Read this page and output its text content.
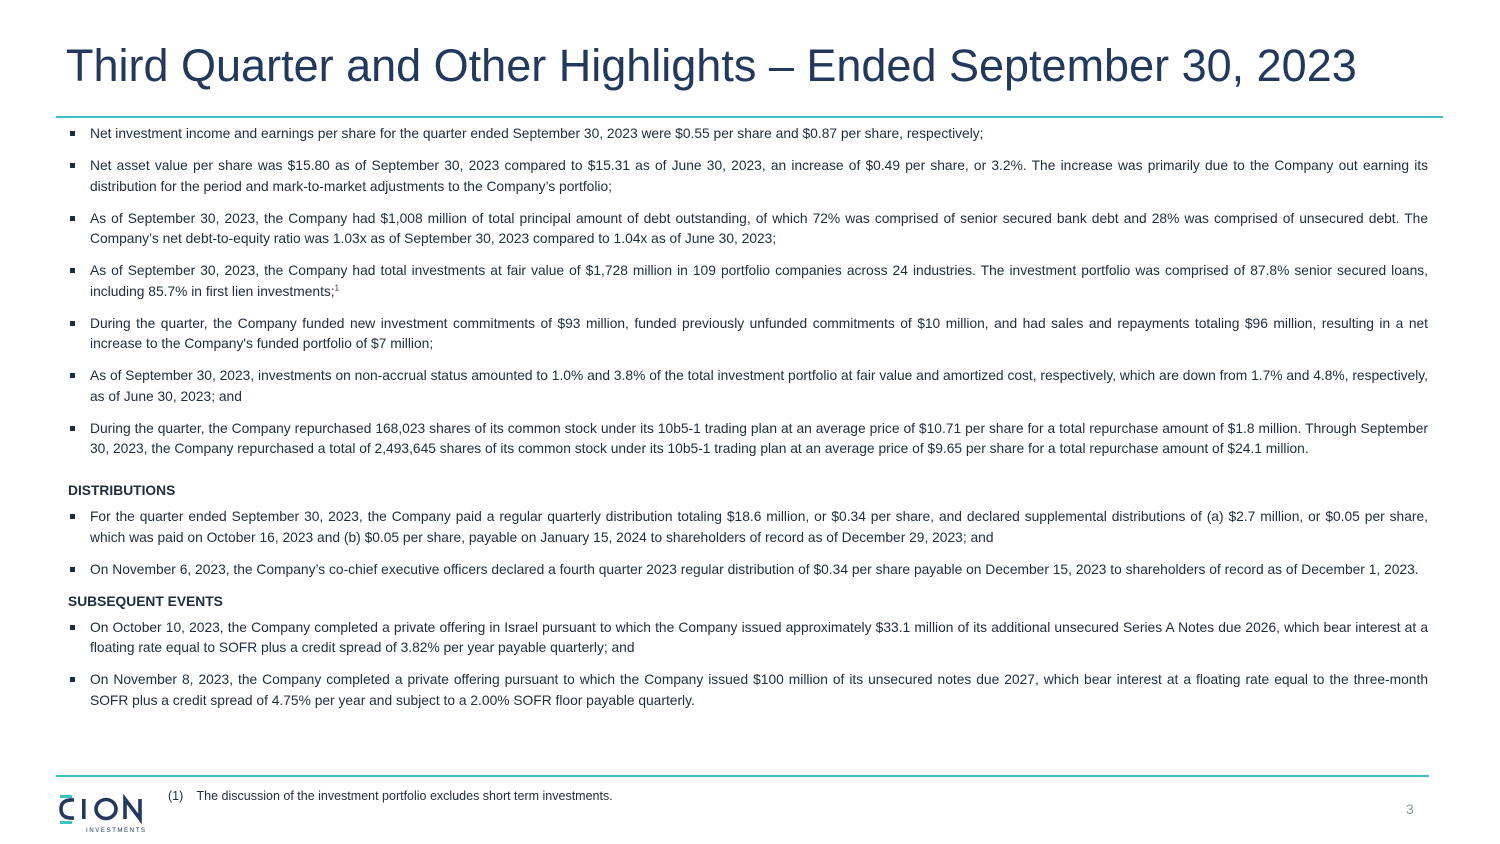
Third Quarter and Other Highlights – Ended September 30, 2023
Net investment income and earnings per share for the quarter ended September 30, 2023 were $0.55 per share and $0.87 per share, respectively;
Net asset value per share was $15.80 as of September 30, 2023 compared to $15.31 as of June 30, 2023, an increase of $0.49 per share, or 3.2%. The increase was primarily due to the Company out earning its distribution for the period and mark-to-market adjustments to the Company’s portfolio;
As of September 30, 2023, the Company had $1,008 million of total principal amount of debt outstanding, of which 72% was comprised of senior secured bank debt and 28% was comprised of unsecured debt. The Company’s net debt-to-equity ratio was 1.03x as of September 30, 2023 compared to 1.04x as of June 30, 2023;
As of September 30, 2023, the Company had total investments at fair value of $1,728 million in 109 portfolio companies across 24 industries. The investment portfolio was comprised of 87.8% senior secured loans, including 85.7% in first lien investments;$^1$
During the quarter, the Company funded new investment commitments of $93 million, funded previously unfunded commitments of $10 million, and had sales and repayments totaling $96 million, resulting in a net increase to the Company's funded portfolio of $7 million;
As of September 30, 2023, investments on non-accrual status amounted to 1.0% and 3.8% of the total investment portfolio at fair value and amortized cost, respectively, which are down from 1.7% and 4.8%, respectively, as of June 30, 2023; and
During the quarter, the Company repurchased 168,023 shares of its common stock under its 10b5-1 trading plan at an average price of $10.71 per share for a total repurchase amount of $1.8 million. Through September 30, 2023, the Company repurchased a total of 2,493,645 shares of its common stock under its 10b5-1 trading plan at an average price of $9.65 per share for a total repurchase amount of $24.1 million.
DISTRIBUTIONS
For the quarter ended September 30, 2023, the Company paid a regular quarterly distribution totaling $18.6 million, or $0.34 per share, and declared supplemental distributions of (a) $2.7 million, or $0.05 per share, which was paid on October 16, 2023 and (b) $0.05 per share, payable on January 15, 2024 to shareholders of record as of December 29, 2023; and
On November 6, 2023, the Company’s co-chief executive officers declared a fourth quarter 2023 regular distribution of $0.34 per share payable on December 15, 2023 to shareholders of record as of December 1, 2023.
SUBSEQUENT EVENTS
On October 10, 2023, the Company completed a private offering in Israel pursuant to which the Company issued approximately $33.1 million of its additional unsecured Series A Notes due 2026, which bear interest at a floating rate equal to SOFR plus a credit spread of 3.82% per year payable quarterly; and
On November 8, 2023, the Company completed a private offering pursuant to which the Company issued $100 million of its unsecured notes due 2027, which bear interest at a floating rate equal to the three-month SOFR plus a credit spread of 4.75% per year and subject to a 2.00% SOFR floor payable quarterly.
INVESTMENTS
(1) The discussion of the investment portfolio excludes short term investments.
3
